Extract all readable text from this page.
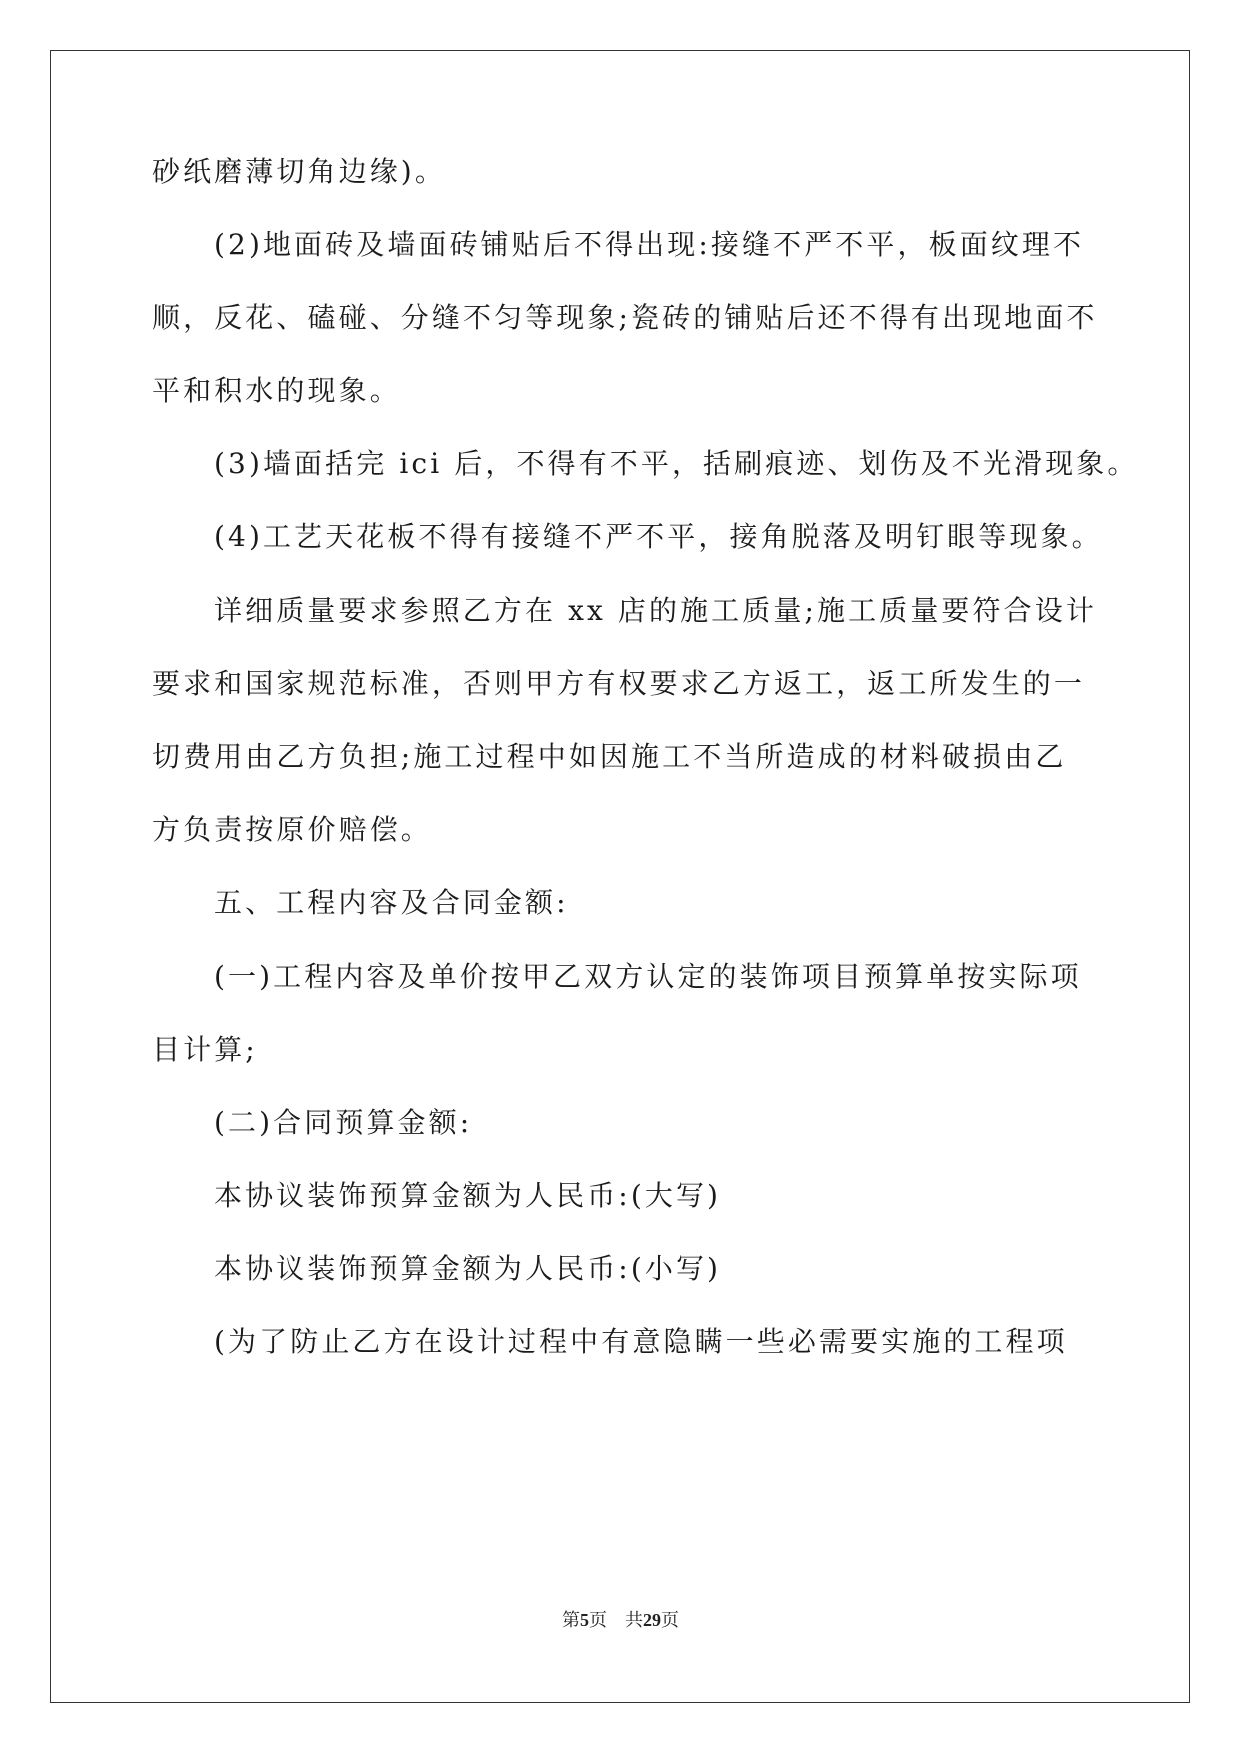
砂纸磨薄切角边缘)。
(2)地面砖及墙面砖铺贴后不得出现:接缝不严不平，板面纹理不
顺，反花、磕碰、分缝不匀等现象;瓷砖的铺贴后还不得有出现地面不
平和积水的现象。
(3)墙面括完 ici 后，不得有不平，括刷痕迹、划伤及不光滑现象。
(4)工艺天花板不得有接缝不严不平，接角脱落及明钉眼等现象。
详细质量要求参照乙方在 xx 店的施工质量;施工质量要符合设计
要求和国家规范标准，否则甲方有权要求乙方返工，返工所发生的一
切费用由乙方负担;施工过程中如因施工不当所造成的材料破损由乙
方负责按原价赔偿。
五、工程内容及合同金额:
(一)工程内容及单价按甲乙双方认定的装饰项目预算单按实际项
目计算;
(二)合同预算金额:
本协议装饰预算金额为人民币:(大写)
本协议装饰预算金额为人民币:(小写)
(为了防止乙方在设计过程中有意隐瞒一些必需要实施的工程项
第5页　共29页
